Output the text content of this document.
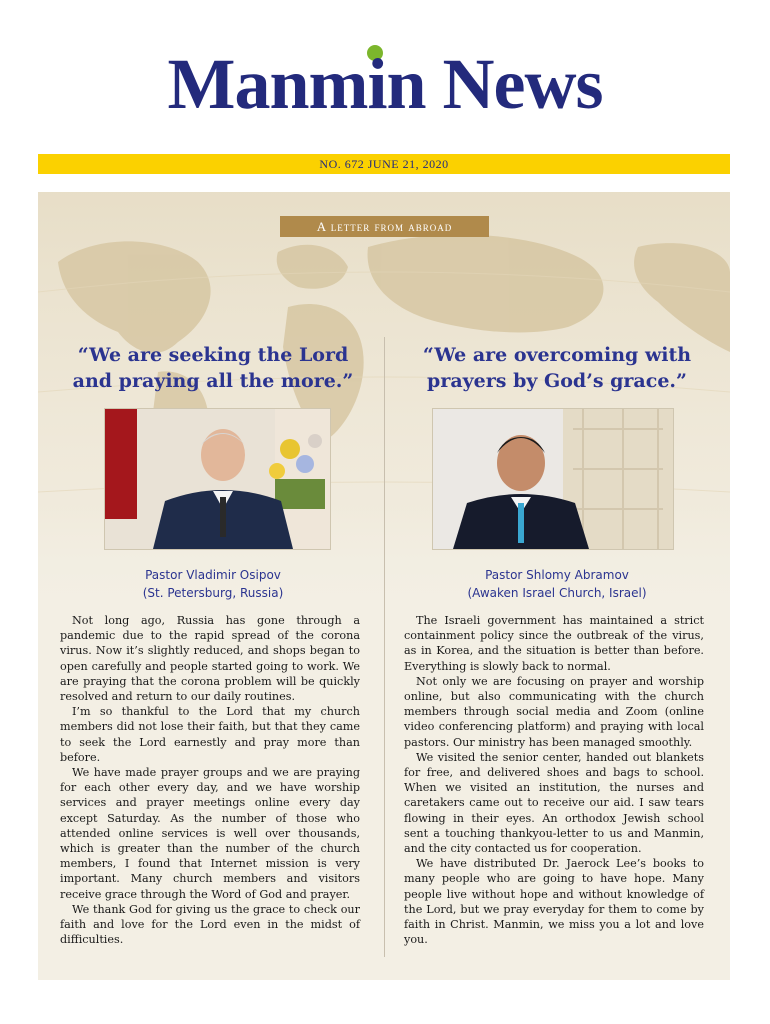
Manmin News
NO. 672 JUNE 21, 2020
A letter from abroad
“We are seeking the Lord and praying all the more.”
Pastor Vladimir Osipov
(St. Petersburg, Russia)

Not long ago, Russia has gone through a pandemic due to the rapid spread of the corona virus. Now it’s slightly reduced, and shops began to open carefully and people started going to work. We are praying that the corona problem will be quickly resolved and return to our daily routines.

I’m so thankful to the Lord that my church members did not lose their faith, but that they came to seek the Lord earnestly and pray more than before.

We have made prayer groups and we are praying for each other every day, and we have worship services and prayer meetings online every day except Saturday. As the number of those who attended online services is well over thousands, which is greater than the number of the church members, I found that Internet mission is very important. Many church members and visitors receive grace through the Word of God and prayer.

We thank God for giving us the grace to check our faith and love for the Lord even in the midst of difficulties.

“We are overcoming with prayers by God’s grace.”
Pastor Shlomy Abramov
(Awaken Israel Church, Israel)

The Israeli government has maintained a strict containment policy since the outbreak of the virus, as in Korea, and the situation is better than before. Everything is slowly back to normal.

Not only we are focusing on prayer and worship online, but also communicating with the church members through social media and Zoom (online video conferencing platform) and praying with local pastors. Our ministry has been managed smoothly.

We visited the senior center, handed out blankets for free, and delivered shoes and bags to school. When we visited an institution, the nurses and caretakers came out to receive our aid. I saw tears flowing in their eyes. An orthodox Jewish school sent a touching thankyou-letter to us and Manmin, and the city contacted us for cooperation.

We have distributed Dr. Jaerock Lee’s books to many people who are going to have hope. Many people live without hope and without knowledge of the Lord, but we pray everyday for them to come by faith in Christ. Manmin, we miss you a lot and love you.
